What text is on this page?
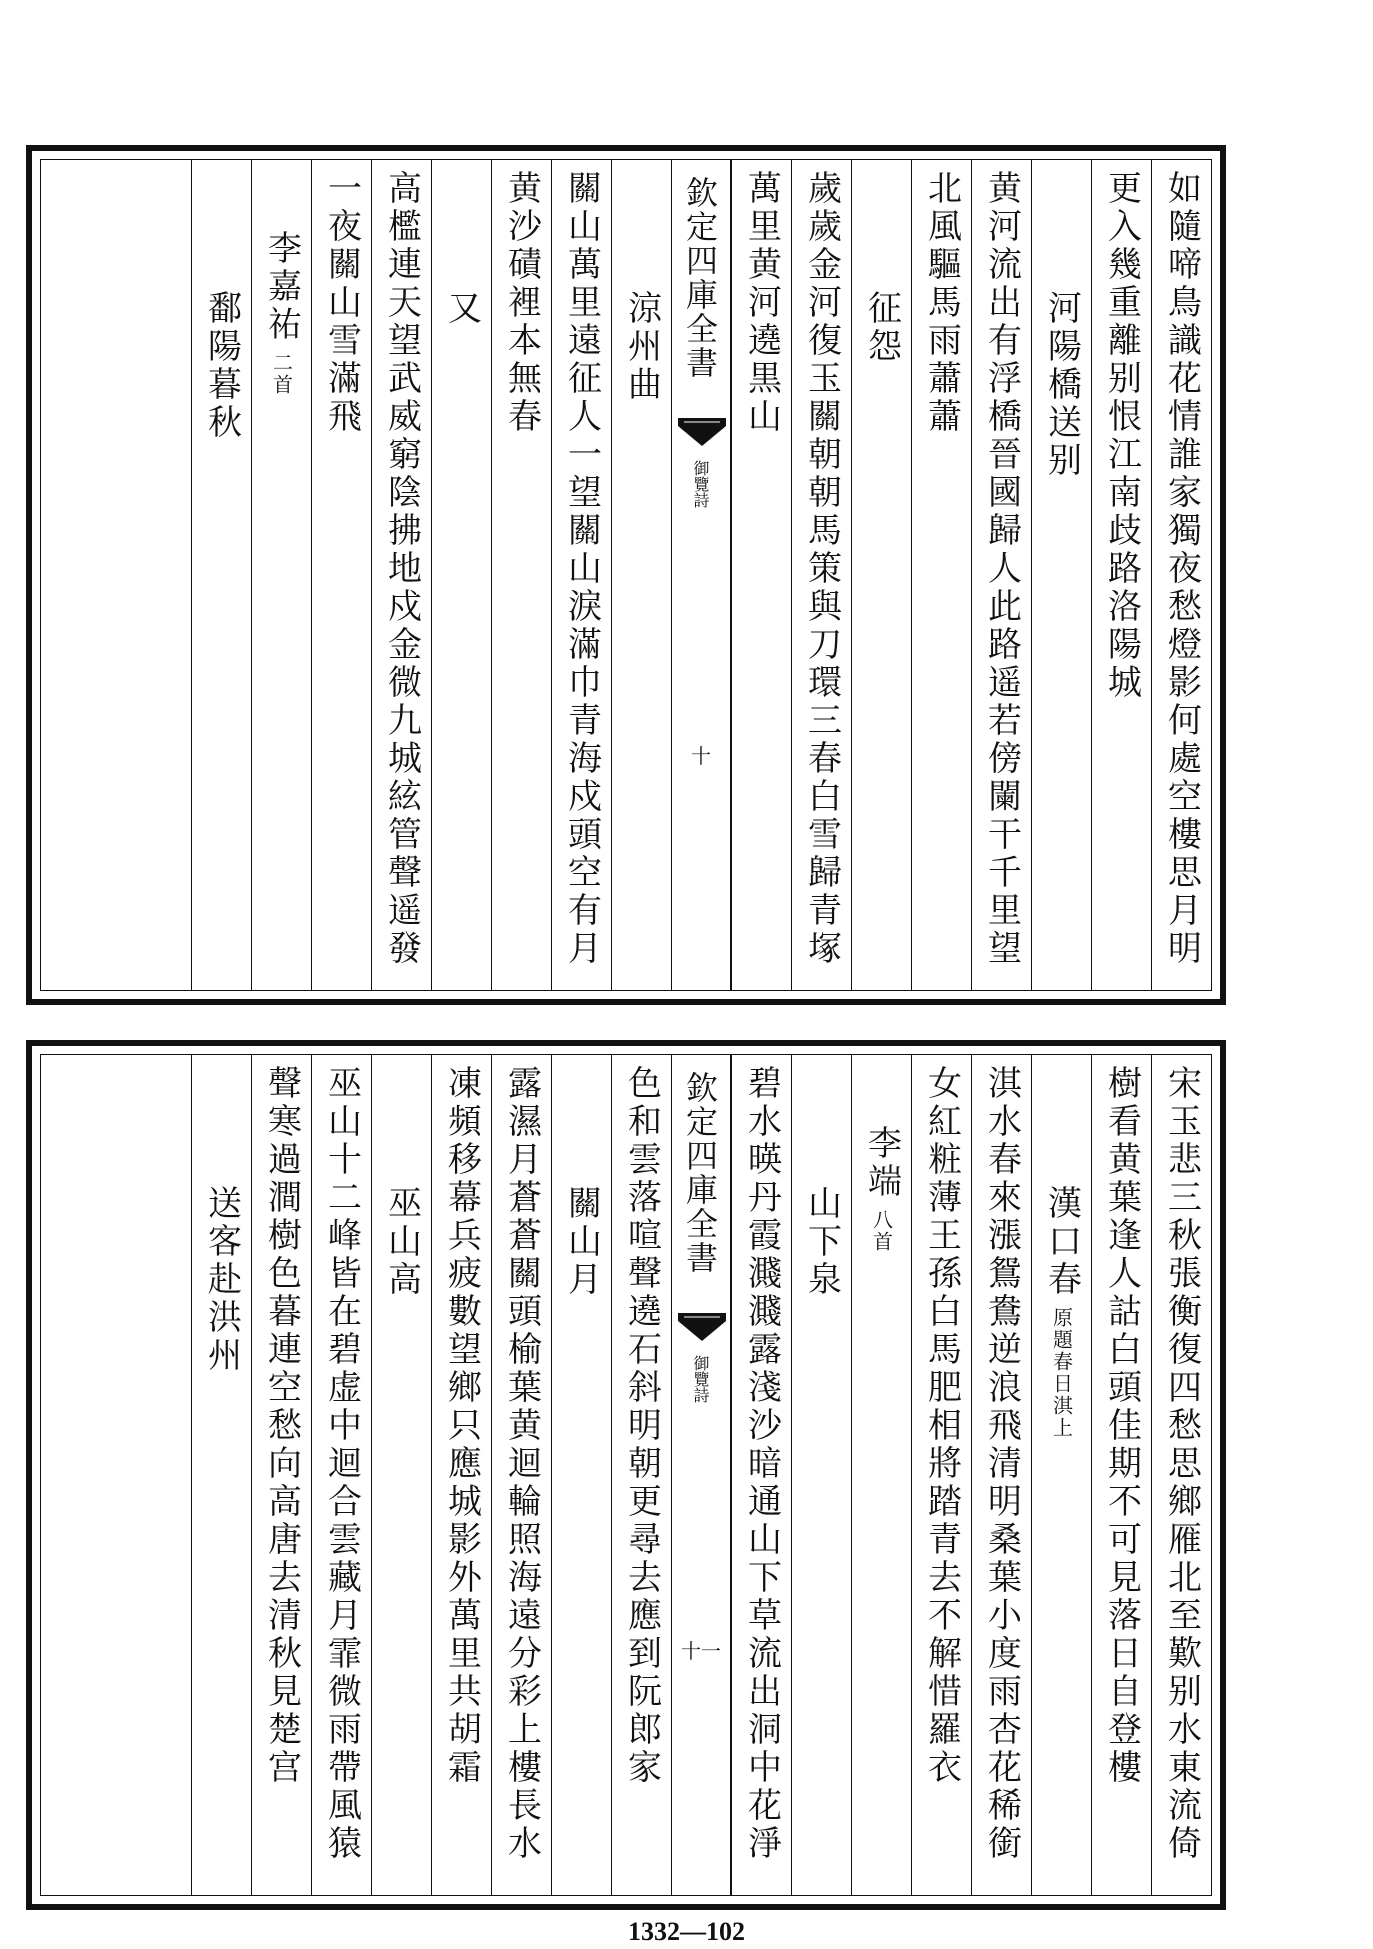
如隨啼鳥識花情誰家獨夜愁燈影何處空樓思月明
更入幾重離别恨江南歧路洛陽城
河陽橋送别
黄河流出有浮橋晉國歸人此路遥若傍闌干千里望
北風驅馬雨蕭蕭
征怨
歲歲金河復玉關朝朝馬策與刀環三春白雪歸青塚
萬里黄河遶黒山
欽定四庫全書
御覽詩
十
涼州曲
關山萬里遠征人一望關山淚滿巾青海戍頭空有月
黄沙磧裡本無春
又
高檻連天望武威窮陰拂地戍金微九城絃管聲遥發
一夜關山雪滿飛
李嘉祐
二首
鄱陽暮秋
宋玉悲三秋張衡復四愁思鄉雁北至歎别水東流倚
樹看黄葉逢人詁白頭佳期不可見落日自登樓
漢口春
原題春日淇上
淇水春來漲鴛鴦逆浪飛清明桑葉小度雨杏花稀銜
女紅粧薄王孫白馬肥相將踏青去不解惜羅衣
李端
八首
山下泉
碧水暎丹霞濺濺露淺沙暗通山下草流出洞中花淨
欽定四庫全書
御覽詩
十一
色和雲落喧聲遶石斜明朝更尋去應到阮郎家
關山月
露濕月蒼蒼關頭榆葉黄迴輪照海遠分彩上樓長水
凍頻移幕兵疲數望鄉只應城影外萬里共胡霜
巫山高
巫山十二峰皆在碧虚中迴合雲藏月霏微雨帶風猿
聲寒過澗樹色暮連空愁向高唐去清秋見楚宫
送客赴洪州
1332—102
